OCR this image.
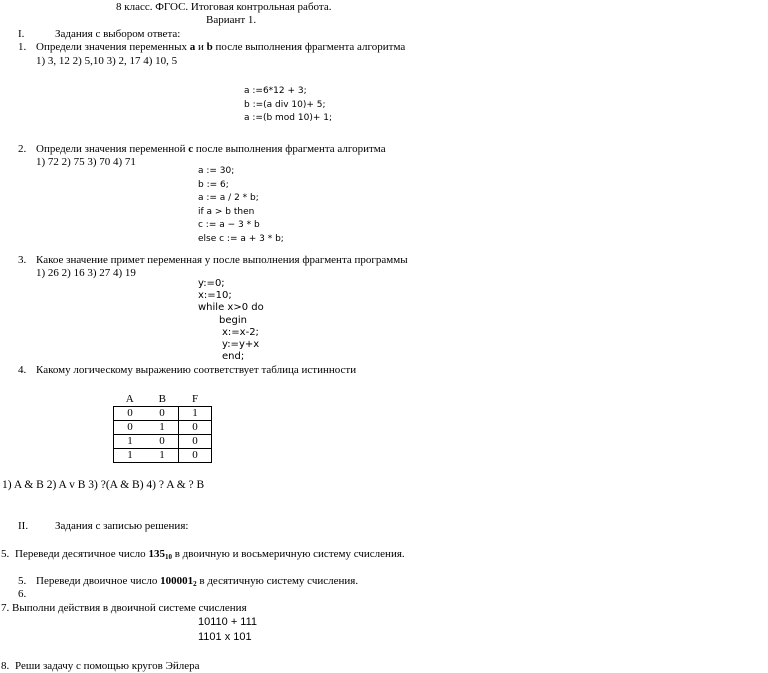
8 класс. ФГОС. Итоговая контрольная работа.
Вариант 1.
I.	Задания с выбором ответа:
1. Определи значения переменных a и b после выполнения фрагмента алгоритма
1) 3, 12 2) 5,10 3) 2, 17 4) 10, 5
a :=6*12 + 3;
b :=(a div 10)+ 5;
a :=(b mod 10)+ 1;
2. Определи значения переменной c после выполнения фрагмента алгоритма
1) 72 2) 75 3) 70 4) 71
a := 30;
b := 6;
a := a / 2 * b;
if a > b then
c := a − 3 * b
else c := a + 3 * b;
3. Какое значение примет переменная y после выполнения фрагмента программы
1) 26 2) 16 3) 27 4) 19
y:=0;
x:=10;
while x>0 do
begin
x:=x-2;
y:=y+x
end;
4. Какому логическому выражению соответствует таблица истинности
A	B	F
0	0	1
0	1	0
1	0	0
1	1	0
1) A & B 2) A v B 3) ?(A & B) 4) ? A & ? B
II. Задания с записью решения:
5. Переведи десятичное число $135_{10}$ в двоичную и восьмеричную систему счисления.
5. Переведи двоичное число $100001_2$ в десятичную систему счисления.
6.
7. Выполни действия в двоичной системе счисления
10110 + 111
1101 x 101
8. Реши задачу с помощью кругов Эйлера
